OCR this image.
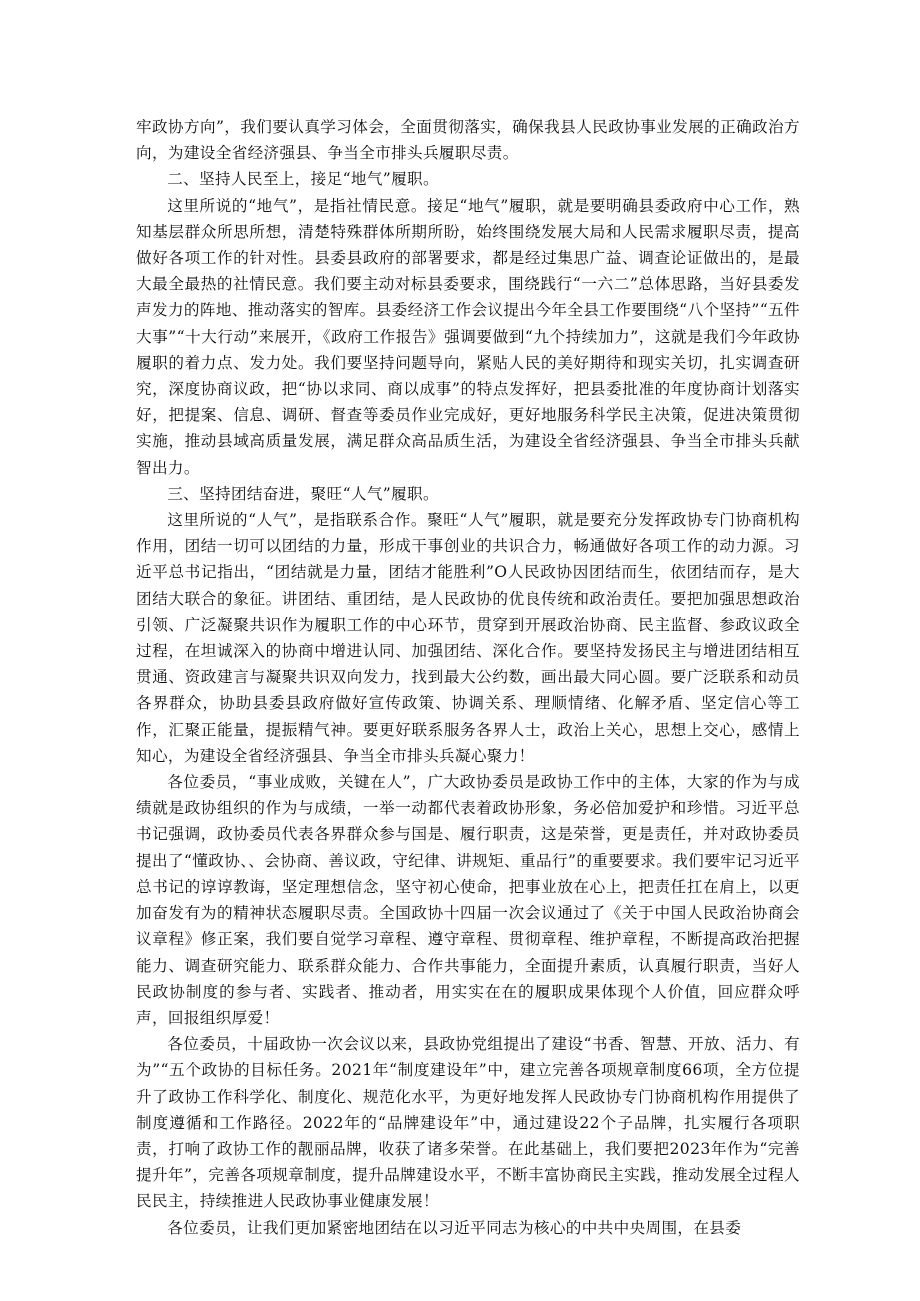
牢政协方向”，我们要认真学习体会，全面贯彻落实，确保我县人民政协事业发展的正确政治方向，为建设全省经济强县、争当全市排头兵履职尽责。

二、坚持人民至上，接足“地气”履职。

这里所说的“地气”，是指社情民意。接足“地气”履职，就是要明确县委政府中心工作，熟知基层群众所思所想，清楚特殊群体所期所盼，始终围绕发展大局和人民需求履职尽责，提高做好各项工作的针对性。县委县政府的部署要求，都是经过集思广益、调查论证做出的，是最大最全最热的社情民意。我们要主动对标县委要求，围绕践行“一六二”总体思路，当好县委发声发力的阵地、推动落实的智库。县委经济工作会议提出今年全县工作要围绕“八个坚持”“五件大事”“十大行动”来展开，《政府工作报告》强调要做到“九个持续加力”，这就是我们今年政协履职的着力点、发力处。我们要坚持问题导向，紧贴人民的美好期待和现实关切，扎实调查研究，深度协商议政，把“协以求同、商以成事”的特点发挥好，把县委批准的年度协商计划落实好，把提案、信息、调研、督查等委员作业完成好，更好地服务科学民主决策，促进决策贯彻实施，推动县域高质量发展，满足群众高品质生活，为建设全省经济强县、争当全市排头兵献智出力。

三、坚持团结奋进，聚旺“人气”履职。

这里所说的“人气”，是指联系合作。聚旺“人气”履职，就是要充分发挥政协专门协商机构作用，团结一切可以团结的力量，形成干事创业的共识合力，畅通做好各项工作的动力源。习近平总书记指出，“团结就是力量，团结才能胜利”O人民政协因团结而生，依团结而存，是大团结大联合的象征。讲团结、重团结，是人民政协的优良传统和政治责任。要把加强思想政治引领、广泛凝聚共识作为履职工作的中心环节，贯穿到开展政治协商、民主监督、参政议政全过程，在坦诚深入的协商中增进认同、加强团结、深化合作。要坚持发扬民主与增进团结相互贯通、资政建言与凝聚共识双向发力，找到最大公约数，画出最大同心圆。要广泛联系和动员各界群众，协助县委县政府做好宣传政策、协调关系、理顺情绪、化解矛盾、坚定信心等工作，汇聚正能量，提振精气神。要更好联系服务各界人士，政治上关心，思想上交心，感情上知心，为建设全省经济强县、争当全市排头兵凝心聚力！

各位委员，“事业成败，关键在人”，广大政协委员是政协工作中的主体，大家的作为与成绩就是政协组织的作为与成绩，一举一动都代表着政协形象，务必倍加爱护和珍惜。习近平总书记强调，政协委员代表各界群众参与国是、履行职责，这是荣誉，更是责任，并对政协委员提出了“懂政协、、会协商、善议政，守纪律、讲规矩、重品行”的重要要求。我们要牢记习近平总书记的谆谆教诲，坚定理想信念，坚守初心使命，把事业放在心上，把责任扛在肩上，以更加奋发有为的精神状态履职尽责。全国政协十四届一次会议通过了《关于中国人民政治协商会议章程》修正案，我们要自觉学习章程、遵守章程、贯彻章程、维护章程，不断提高政治把握能力、调查研究能力、联系群众能力、合作共事能力，全面提升素质，认真履行职责，当好人民政协制度的参与者、实践者、推动者，用实实在在的履职成果体现个人价值，回应群众呼声，回报组织厚爱！

各位委员，十届政协一次会议以来，县政协党组提出了建设“书香、智慧、开放、活力、有为”“五个政协的目标任务。2021年“制度建设年”中，建立完善各项规章制度66项，全方位提升了政协工作科学化、制度化、规范化水平，为更好地发挥人民政协专门协商机构作用提供了制度遵循和工作路径。2022年的“品牌建设年”中，通过建设22个子品牌，扎实履行各项职责，打响了政协工作的靓丽品牌，收获了诸多荣誉。在此基础上，我们要把2023年作为“完善提升年”，完善各项规章制度，提升品牌建设水平，不断丰富协商民主实践，推动发展全过程人民民主，持续推进人民政协事业健康发展！

各位委员，让我们更加紧密地团结在以习近平同志为核心的中共中央周围，在县委
